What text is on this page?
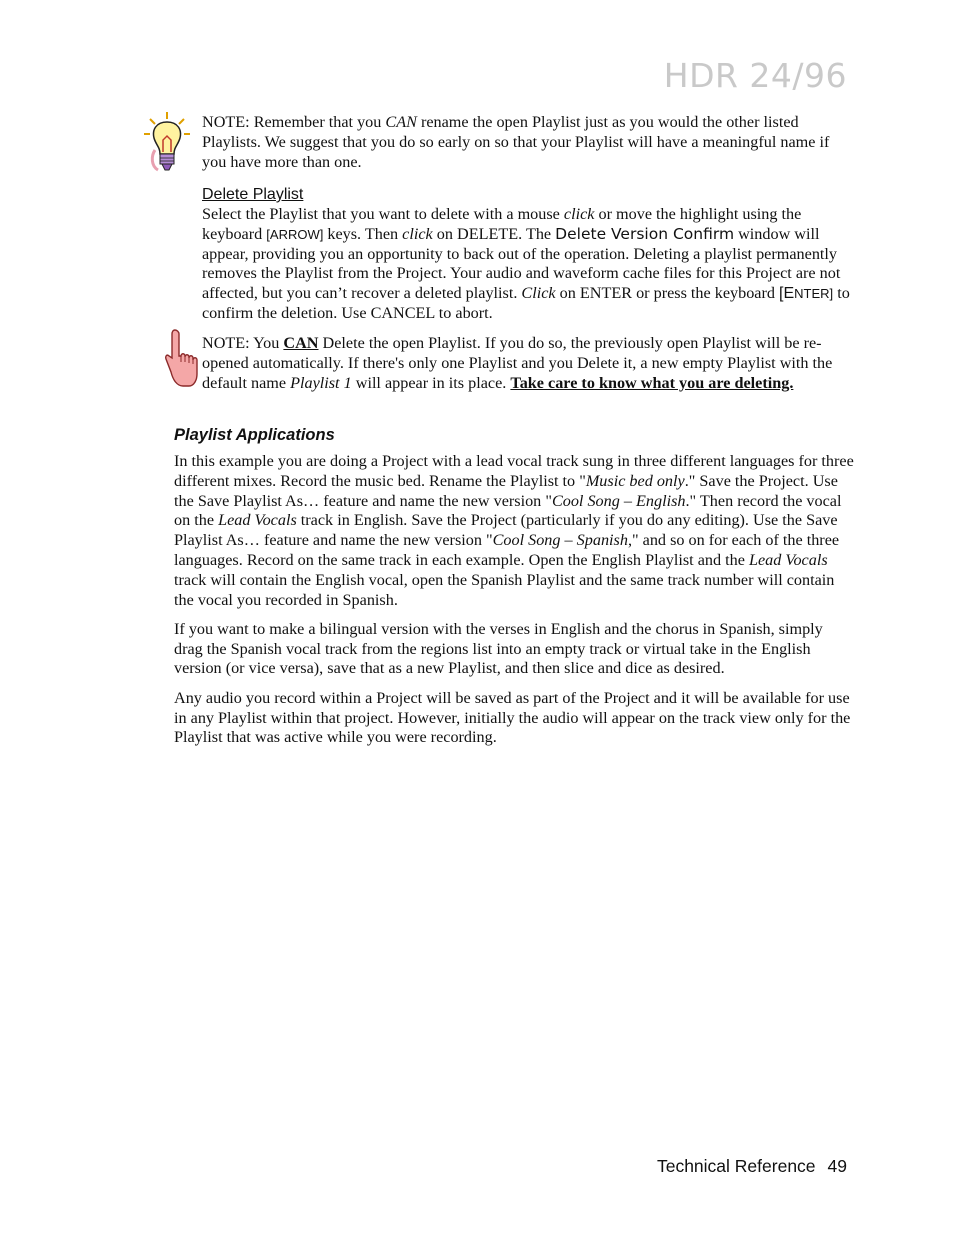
HDR 24/96
NOTE: Remember that you CAN rename the open Playlist just as you would the other listed Playlists. We suggest that you do so early on so that your Playlist will have a meaningful name if you have more than one.
Delete Playlist
Select the Playlist that you want to delete with a mouse click or move the highlight using the keyboard [ARROW] keys. Then click on DELETE. The Delete Version Confirm window will appear, providing you an opportunity to back out of the operation. Deleting a playlist permanently removes the Playlist from the Project. Your audio and waveform cache files for this Project are not affected, but you can’t recover a deleted playlist. Click on ENTER or press the keyboard [ENTER] to confirm the deletion. Use CANCEL to abort.
NOTE: You CAN Delete the open Playlist. If you do so, the previously open Playlist will be re-opened automatically. If there's only one Playlist and you Delete it, a new empty Playlist with the default name Playlist 1 will appear in its place. Take care to know what you are deleting.
Playlist Applications

In this example you are doing a Project with a lead vocal track sung in three different languages for three different mixes. Record the music bed. Rename the Playlist to "Music bed only." Save the Project. Use the Save Playlist As… feature and name the new version "Cool Song – English." Then record the vocal on the Lead Vocals track in English. Save the Project (particularly if you do any editing). Use the Save Playlist As… feature and name the new version "Cool Song – Spanish," and so on for each of the three languages. Record on the same track in each example. Open the English Playlist and the Lead Vocals track will contain the English vocal, open the Spanish Playlist and the same track number will contain the vocal you recorded in Spanish.

If you want to make a bilingual version with the verses in English and the chorus in Spanish, simply drag the Spanish vocal track from the regions list into an empty track or virtual take in the English version (or vice versa), save that as a new Playlist, and then slice and dice as desired.

Any audio you record within a Project will be saved as part of the Project and it will be available for use in any Playlist within that project. However, initially the audio will appear on the track view only for the Playlist that was active while you were recording.

Technical Reference 49
